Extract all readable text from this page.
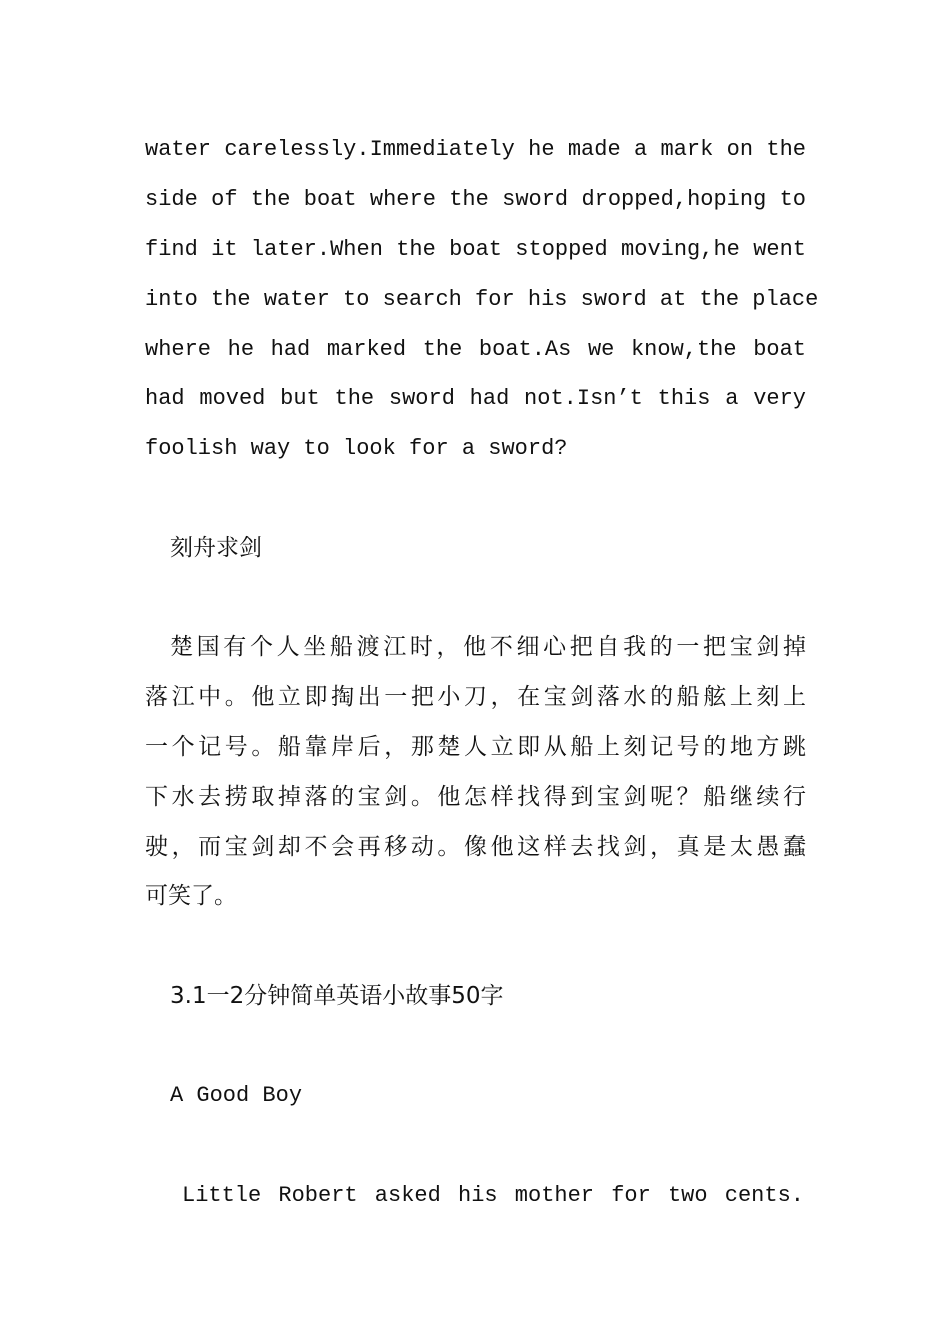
water carelessly.Immediately he made a mark on the
side of the boat where the sword dropped,hoping to
find it later.When the boat stopped moving,he went
into the water to search for his sword at the place
where he had marked the boat.As we know,the boat
had moved but the sword had not.Isn’t this a very
foolish way to look for a sword?
刻舟求剑
楚国有个人坐船渡江时，他不细心把自我的一把宝剑掉
落江中。他立即掏出一把小刀，在宝剑落水的船舷上刻上
一个记号。船靠岸后，那楚人立即从船上刻记号的地方跳
下水去捞取掉落的宝剑。他怎样找得到宝剑呢？船继续行
驶，而宝剑却不会再移动。像他这样去找剑，真是太愚蠢
可笑了。
3.1一2分钟简单英语小故事50字
A Good Boy
Little Robert asked his mother for two cents.
